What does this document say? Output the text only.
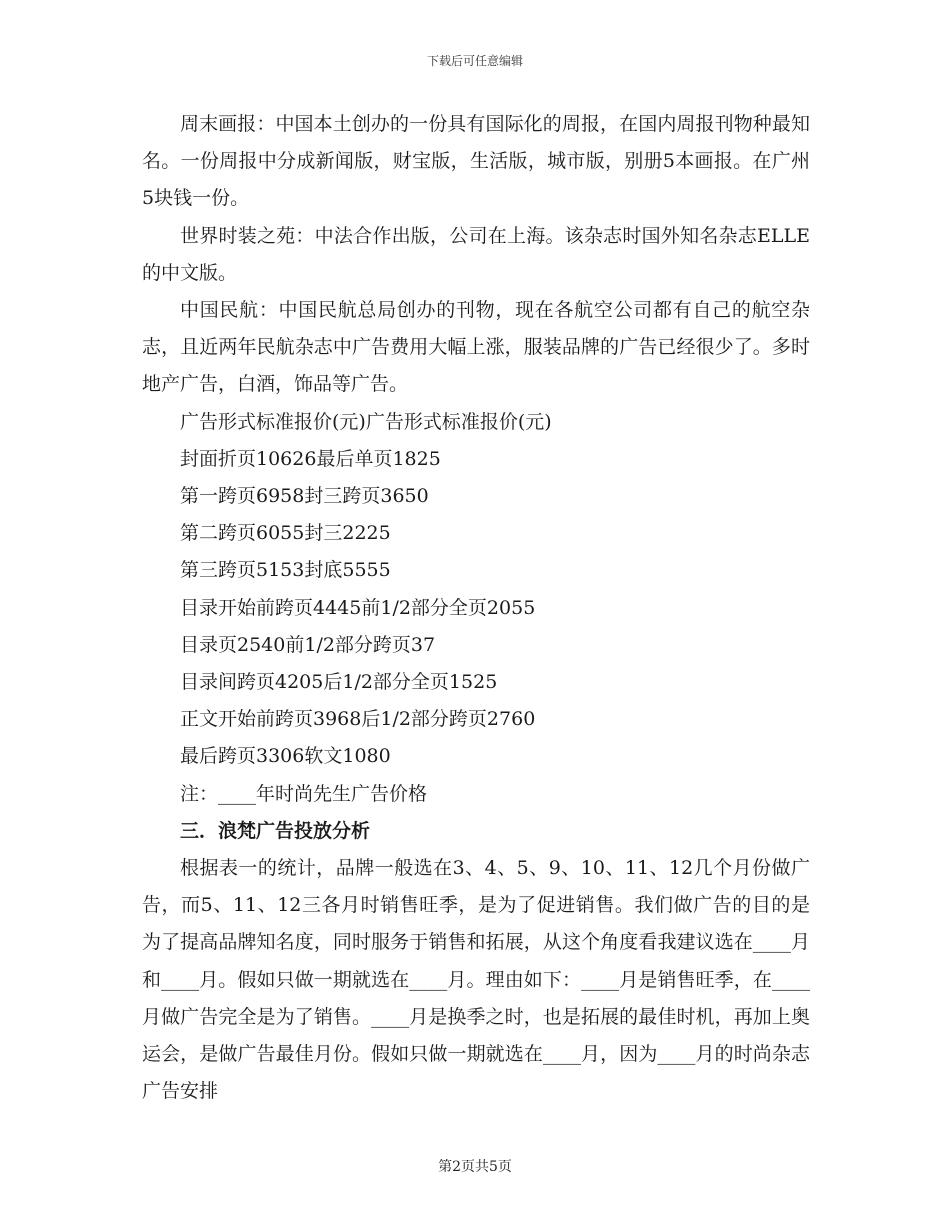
下载后可任意编辑

周末画报：中国本土创办的一份具有国际化的周报，在国内周报刊物种最知名。一份周报中分成新闻版，财宝版，生活版，城市版，别册5本画报。在广州5块钱一份。

世界时装之苑：中法合作出版，公司在上海。该杂志时国外知名杂志ELLE的中文版。

中国民航：中国民航总局创办的刊物，现在各航空公司都有自己的航空杂志，且近两年民航杂志中广告费用大幅上涨，服装品牌的广告已经很少了。多时地产广告，白酒，饰品等广告。

广告形式标准报价(元)广告形式标准报价(元)

封面折页10626最后单页1825

第一跨页6958封三跨页3650

第二跨页6055封三2225

第三跨页5153封底5555

目录开始前跨页4445前1/2部分全页2055

目录页2540前1/2部分跨页37

目录间跨页4205后1/2部分全页1525

正文开始前跨页3968后1/2部分跨页2760

最后跨页3306软文1080

注：____年时尚先生广告价格

三．浪梵广告投放分析

根据表一的统计，品牌一般选在3、4、5、9、10、11、12几个月份做广告，而5、11、12三各月时销售旺季，是为了促进销售。我们做广告的目的是为了提高品牌知名度，同时服务于销售和拓展，从这个角度看我建议选在____月和____月。假如只做一期就选在____月。理由如下：____月是销售旺季，在____月做广告完全是为了销售。____月是换季之时，也是拓展的最佳时机，再加上奥运会，是做广告最佳月份。假如只做一期就选在____月，因为____月的时尚杂志广告安排

第2页共5页
